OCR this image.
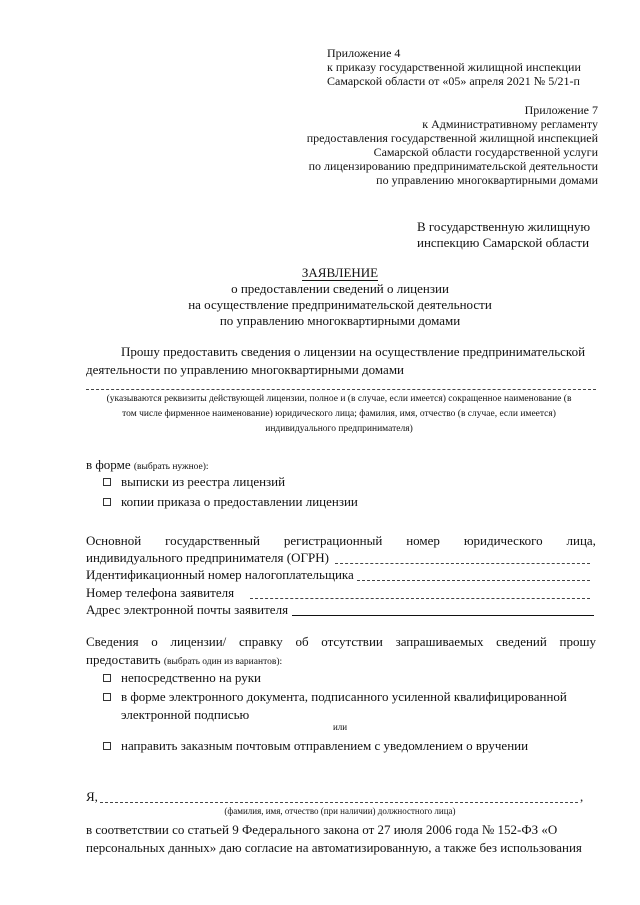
Приложение 4
к приказу государственной жилищной инспекции
Самарской области от «05» апреля 2021 № 5/21-п
Приложение 7
к Административному регламенту
предоставления государственной жилищной инспекцией
Самарской области государственной услуги
по лицензированию предпринимательской деятельности
по управлению многоквартирными домами
В государственную жилищную
инспекцию Самарской области
ЗАЯВЛЕНИЕ
о предоставлении сведений о лицензии
на осуществление предпринимательской деятельности
по управлению многоквартирными домами
Прошу предоставить сведения о лицензии на осуществление предпринимательской
деятельности по управлению многоквартирными домами
(указываются реквизиты действующей лицензии, полное и (в случае, если имеется) сокращенное наименование (в
том числе фирменное наименование) юридического лица; фамилия, имя, отчество (в случае, если имеется)
индивидуального предпринимателя)
в форме (выбрать нужное):
выписки из реестра лицензий
копии приказа о предоставлении лицензии
Основной государственный регистрационный номер юридического лица,
индивидуального предпринимателя (ОГРН)
Идентификационный номер налогоплательщика
Номер телефона заявителя
Адрес электронной почты заявителя
Сведения о лицензии/ справку об отсутствии запрашиваемых сведений прошу
предоставить (выбрать один из вариантов):
непосредственно на руки
в форме электронного документа, подписанного усиленной квалифицированной
электронной подписью
или
направить заказным почтовым отправлением с уведомлением о вручении
Я,	,
(фамилия, имя, отчество (при наличии) должностного лица)
в соответствии со статьей 9 Федерального закона от 27 июля 2006 года № 152-ФЗ «О
персональных данных» даю согласие на автоматизированную, а также без использования
